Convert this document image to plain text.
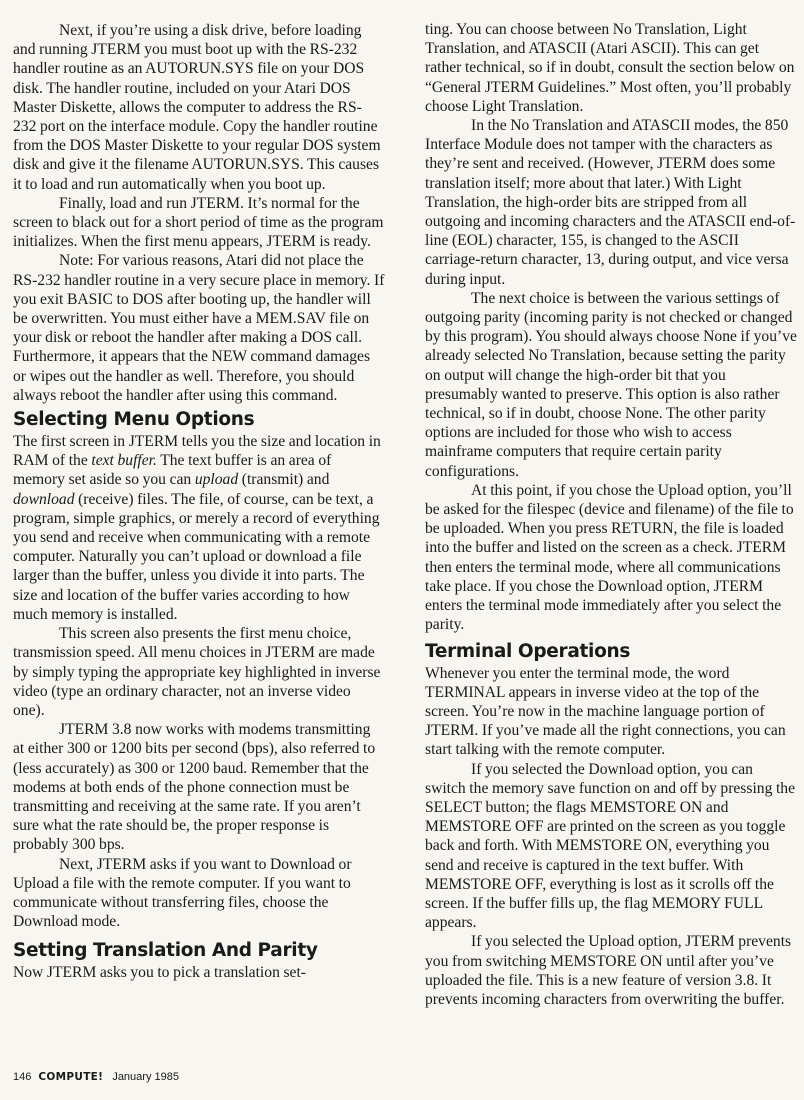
Next, if you’re using a disk drive, before loading and running JTERM you must boot up with the RS-232 handler routine as an AUTORUN.SYS file on your DOS disk. The handler routine, included on your Atari DOS Master Diskette, allows the computer to address the RS-232 port on the interface module. Copy the handler routine from the DOS Master Diskette to your regular DOS system disk and give it the filename AUTORUN.SYS. This causes it to load and run automatically when you boot up.

Finally, load and run JTERM. It’s normal for the screen to black out for a short period of time as the program initializes. When the first menu appears, JTERM is ready.

Note: For various reasons, Atari did not place the RS-232 handler routine in a very secure place in memory. If you exit BASIC to DOS after booting up, the handler will be overwritten. You must either have a MEM.SAV file on your disk or reboot the handler after making a DOS call. Furthermore, it appears that the NEW command damages or wipes out the handler as well. Therefore, you should always reboot the handler after using this command.

Selecting Menu Options

The first screen in JTERM tells you the size and location in RAM of the text buffer. The text buffer is an area of memory set aside so you can upload (transmit) and download (receive) files. The file, of course, can be text, a program, simple graphics, or merely a record of everything you send and receive when communicating with a remote computer. Naturally you can’t upload or download a file larger than the buffer, unless you divide it into parts. The size and location of the buffer varies according to how much memory is installed.

This screen also presents the first menu choice, transmission speed. All menu choices in JTERM are made by simply typing the appropriate key highlighted in inverse video (type an ordinary character, not an inverse video one).

JTERM 3.8 now works with modems transmitting at either 300 or 1200 bits per second (bps), also referred to (less accurately) as 300 or 1200 baud. Remember that the modems at both ends of the phone connection must be transmitting and receiving at the same rate. If you aren’t sure what the rate should be, the proper response is probably 300 bps.

Next, JTERM asks if you want to Download or Upload a file with the remote computer. If you want to communicate without transferring files, choose the Download mode.

Setting Translation And Parity

Now JTERM asks you to pick a translation set-

ting. You can choose between No Translation, Light Translation, and ATASCII (Atari ASCII). This can get rather technical, so if in doubt, consult the section below on “General JTERM Guidelines.” Most often, you’ll probably choose Light Translation.

In the No Translation and ATASCII modes, the 850 Interface Module does not tamper with the characters as they’re sent and received. (However, JTERM does some translation itself; more about that later.) With Light Translation, the high-order bits are stripped from all outgoing and incoming characters and the ATASCII end-of-line (EOL) character, 155, is changed to the ASCII carriage-return character, 13, during output, and vice versa during input.

The next choice is between the various settings of outgoing parity (incoming parity is not checked or changed by this program). You should always choose None if you’ve already selected No Translation, because setting the parity on output will change the high-order bit that you presumably wanted to preserve. This option is also rather technical, so if in doubt, choose None. The other parity options are included for those who wish to access mainframe computers that require certain parity configurations.

At this point, if you chose the Upload option, you’ll be asked for the filespec (device and filename) of the file to be uploaded. When you press RETURN, the file is loaded into the buffer and listed on the screen as a check. JTERM then enters the terminal mode, where all communications take place. If you chose the Download option, JTERM enters the terminal mode immediately after you select the parity.

Terminal Operations

Whenever you enter the terminal mode, the word TERMINAL appears in inverse video at the top of the screen. You’re now in the machine language portion of JTERM. If you’ve made all the right connections, you can start talking with the remote computer.

If you selected the Download option, you can switch the memory save function on and off by pressing the SELECT button; the flags MEMSTORE ON and MEMSTORE OFF are printed on the screen as you toggle back and forth. With MEMSTORE ON, everything you send and receive is captured in the text buffer. With MEMSTORE OFF, everything is lost as it scrolls off the screen. If the buffer fills up, the flag MEMORY FULL appears.

If you selected the Upload option, JTERM prevents you from switching MEMSTORE ON until after you’ve uploaded the file. This is a new feature of version 3.8. It prevents incoming characters from overwriting the buffer.

146 COMPUTE! January 1985
